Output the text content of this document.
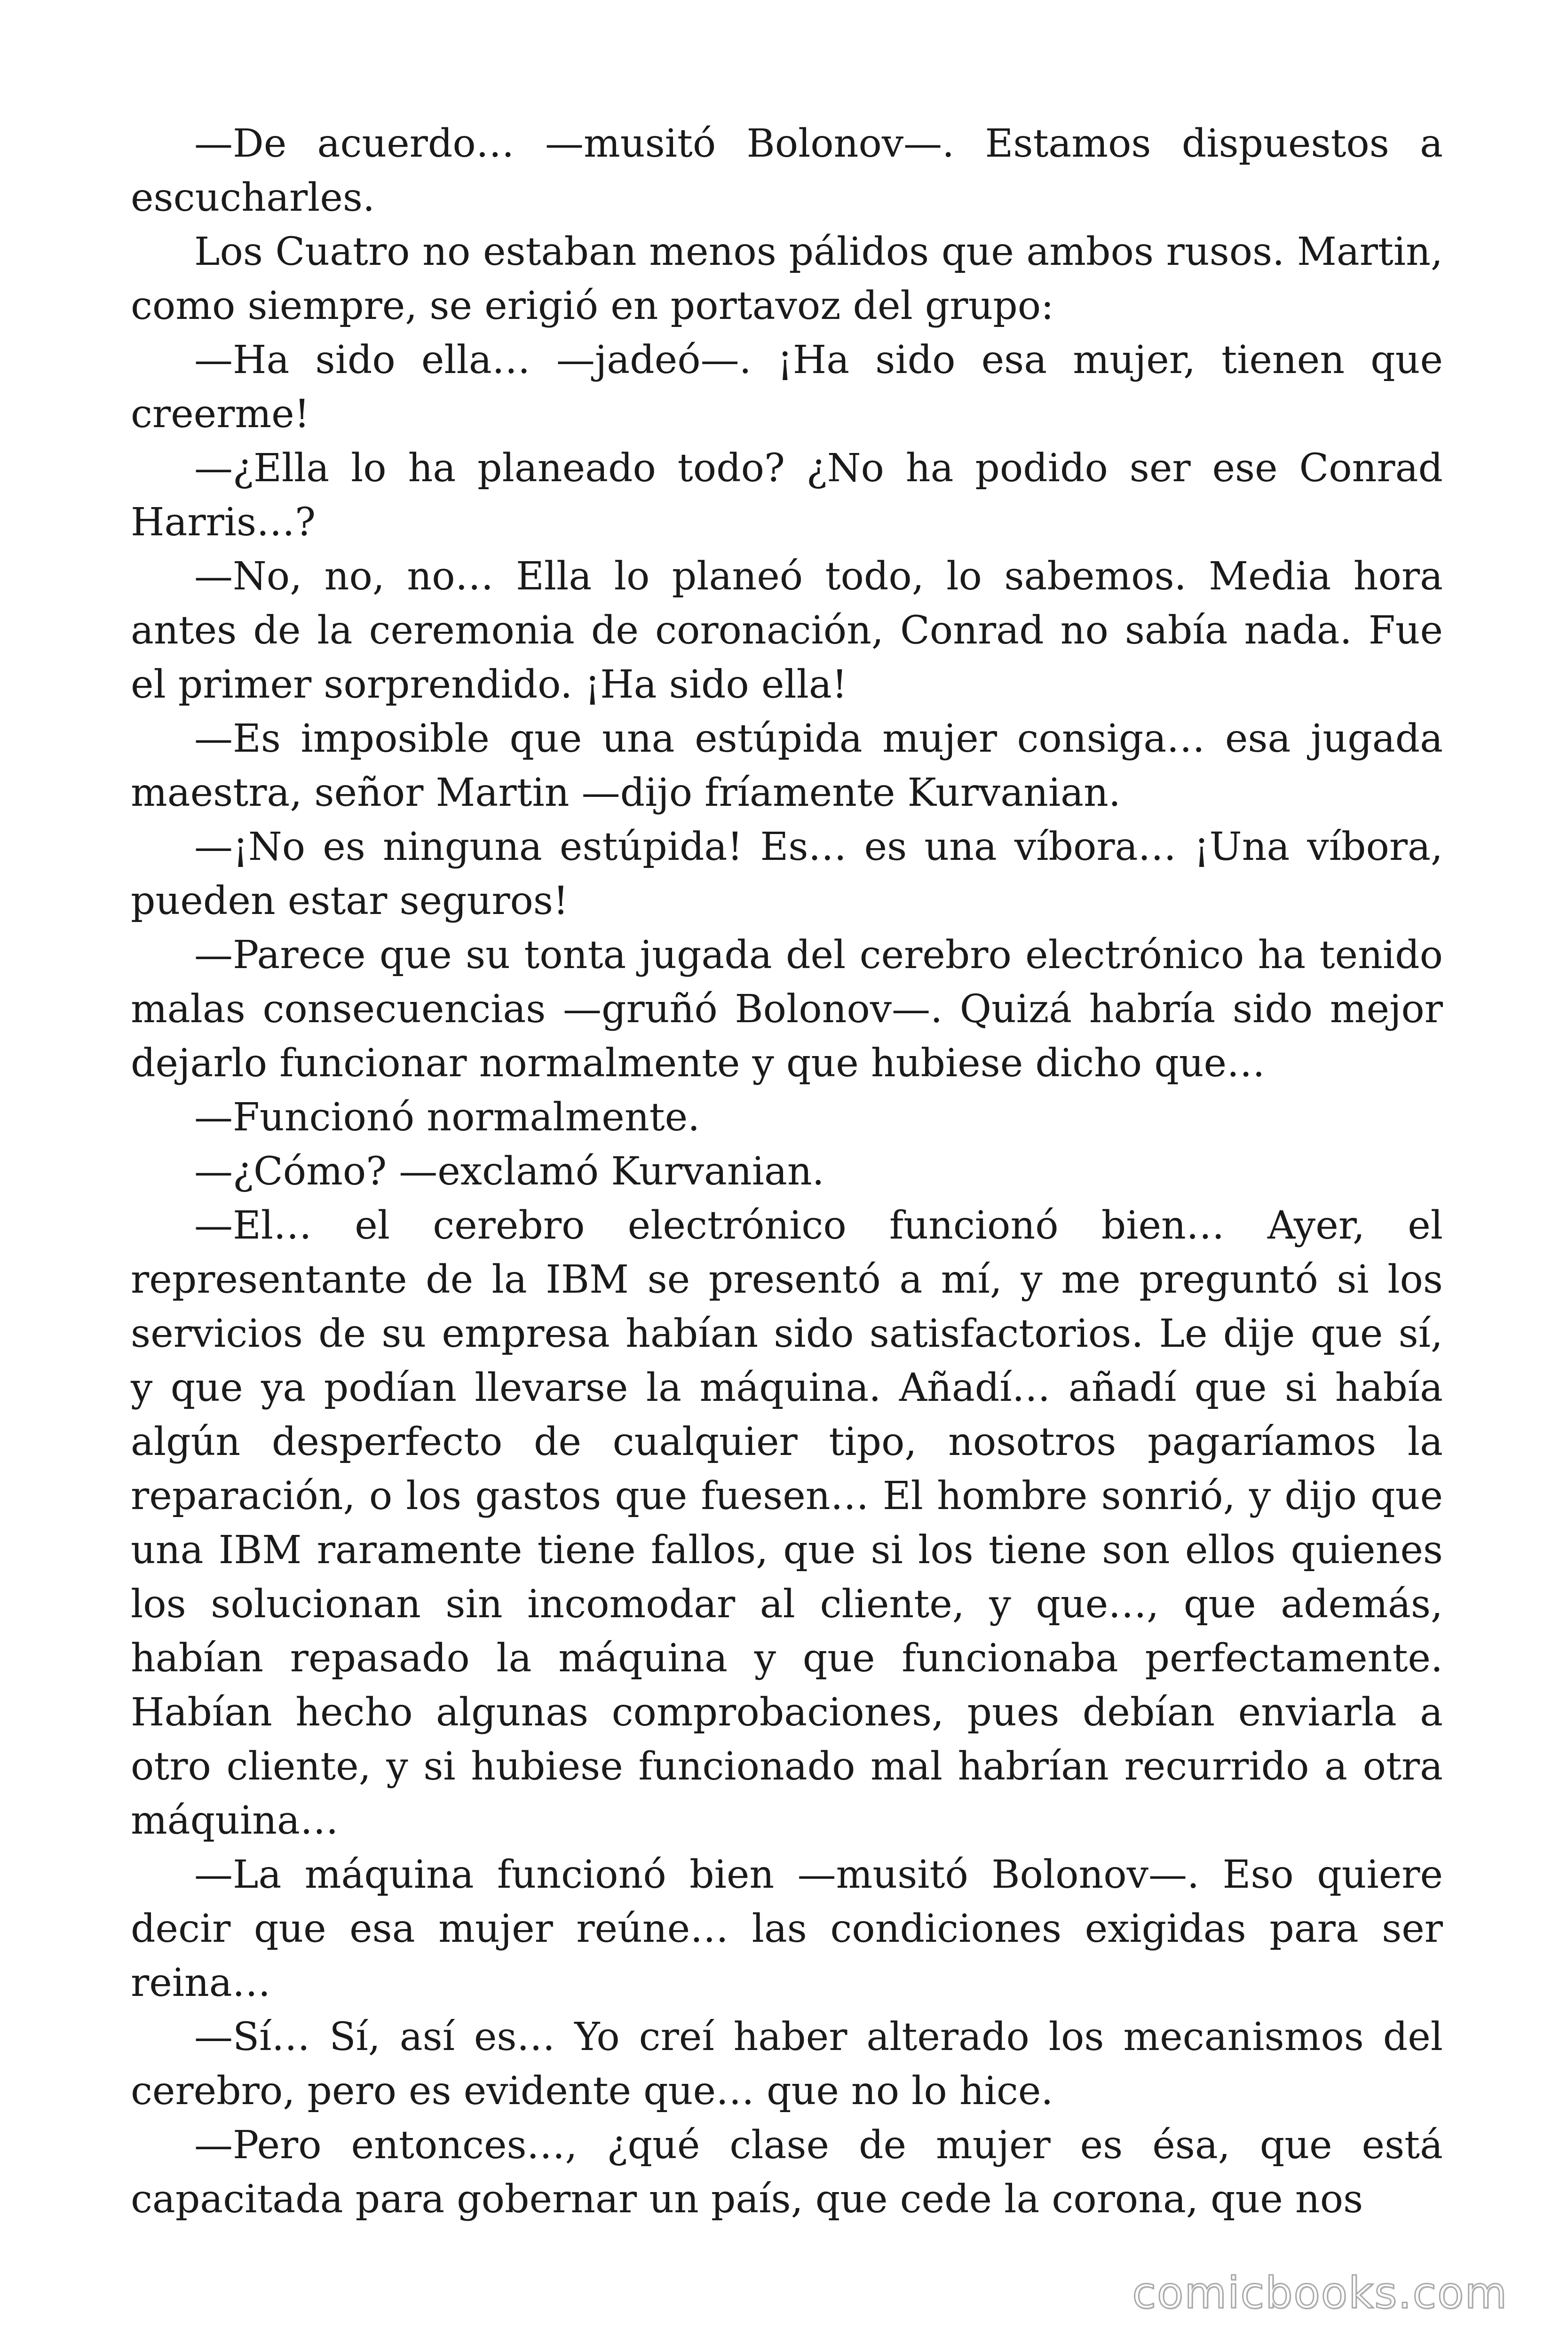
—De acuerdo… —musitó Bolonov—. Estamos dispuestos a escucharles.

Los Cuatro no estaban menos pálidos que ambos rusos. Martin, como siempre, se erigió en portavoz del grupo:

—Ha sido ella… —jadeó—. ¡Ha sido esa mujer, tienen que creerme!

—¿Ella lo ha planeado todo? ¿No ha podido ser ese Conrad Harris…?

—No, no, no… Ella lo planeó todo, lo sabemos. Media hora antes de la ceremonia de coronación, Conrad no sabía nada. Fue el primer sorprendido. ¡Ha sido ella!

—Es imposible que una estúpida mujer consiga… esa jugada maestra, señor Martin —dijo fríamente Kurvanian.

—¡No es ninguna estúpida! Es… es una víbora… ¡Una víbora, pueden estar seguros!

—Parece que su tonta jugada del cerebro electrónico ha tenido malas consecuencias —gruñó Bolonov—. Quizá habría sido mejor dejarlo funcionar normalmente y que hubiese dicho que…

—Funcionó normalmente.

—¿Cómo? —exclamó Kurvanian.

—El… el cerebro electrónico funcionó bien… Ayer, el representante de la IBM se presentó a mí, y me preguntó si los servicios de su empresa habían sido satisfactorios. Le dije que sí, y que ya podían llevarse la máquina. Añadí… añadí que si había algún desperfecto de cualquier tipo, nosotros pagaríamos la reparación, o los gastos que fuesen… El hombre sonrió, y dijo que una IBM raramente tiene fallos, que si los tiene son ellos quienes los solucionan sin incomodar al cliente, y que…, que además, habían repasado la máquina y que funcionaba perfectamente. Habían hecho algunas comprobaciones, pues debían enviarla a otro cliente, y si hubiese funcionado mal habrían recurrido a otra máquina…

—La máquina funcionó bien —musitó Bolonov—. Eso quiere decir que esa mujer reúne… las condiciones exigidas para ser reina…

—Sí… Sí, así es… Yo creí haber alterado los mecanismos del cerebro, pero es evidente que… que no lo hice.

—Pero entonces…, ¿qué clase de mujer es ésa, que está capacitada para gobernar un país, que cede la corona, que nos

comicbooks.com
